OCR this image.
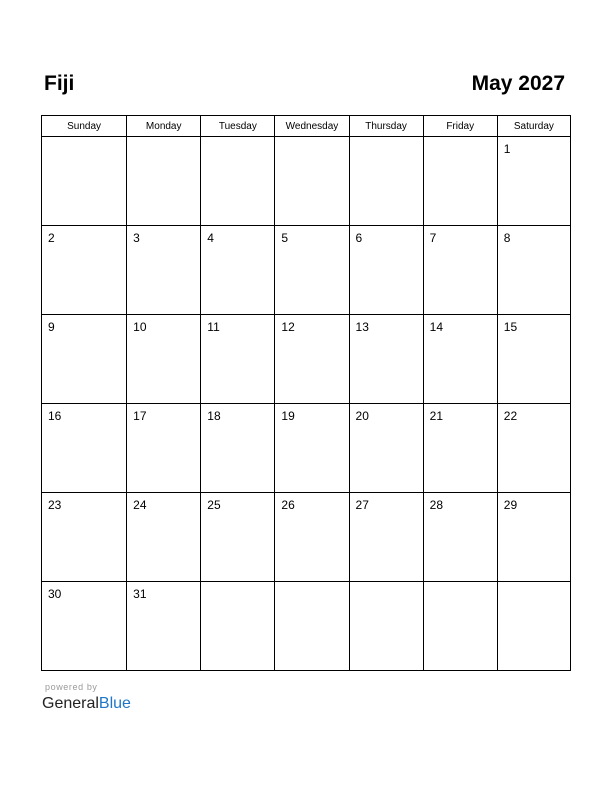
Fiji	May 2027
Sunday	Monday	Tuesday	Wednesday	Thursday	Friday	Saturday

						1

2	3	4	5	6	7	8

9	10	11	12	13	14	15

16	17	18	19	20	21	22

23	24	25	26	27	28	29

30	31					

powered by
GeneralBlue
